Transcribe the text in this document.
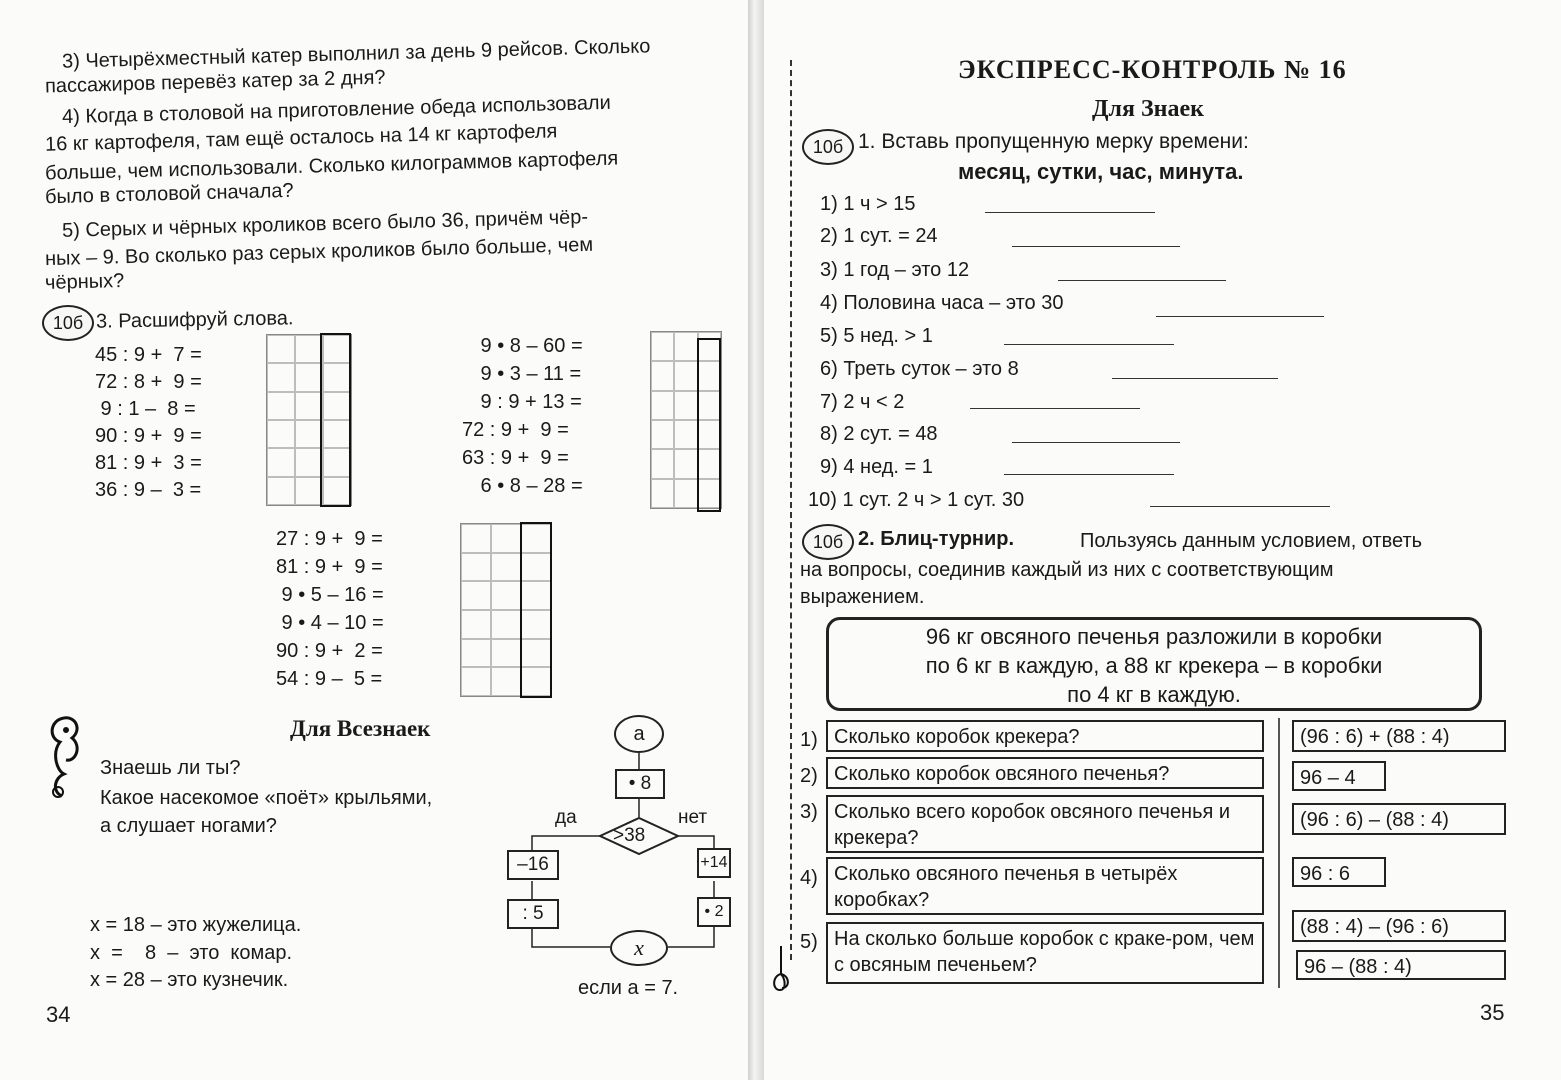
3) Четырёхместный катер выполнил за день 9 рейсов. Сколько
пассажиров перевёз катер за 2 дня?
4) Когда в столовой на приготовление обеда использовали
16 кг картофеля, там ещё осталось на 14 кг картофеля
больше, чем использовали. Сколько килограммов картофеля
было в столовой сначала?
5) Серых и чёрных кроликов всего было 36, причём чёр-
ных – 9. Во сколько раз серых кроликов было больше, чем
чёрных?
10б 3. Расшифруй слова.
45 : 9 +  7 =
72 : 8 +  9 =
9 : 1 –  8 =
90 : 9 +  9 =
81 : 9 +  3 =
36 : 9 –  3 =
9 • 8 – 60 =
9 • 3 – 11 =
9 : 9 + 13 =
72 : 9 +  9 =
63 : 9 +  9 =
6 • 8 – 28 =
27 : 9 +  9 =
81 : 9 +  9 =
9 • 5 – 16 =
9 • 4 – 10 =
90 : 9 +  2 =
54 : 9 –  5 =
Для Всезнаек
Знаешь ли ты?
Какое насекомое «поёт» крыльями,
а слушает ногами?
x = 18 – это жужелица.
x  =    8  –  это  комар.
x = 28 – это кузнечик.
a
• 8
>38
да	нет
–16	+14
: 5	• 2
x
если a = 7.
34
ЭКСПРЕСС-КОНТРОЛЬ № 16
Для Знаек
10б 1. Вставь пропущенную мерку времени:
месяц, сутки, час, минута.
1) 1 ч > 15
2) 1 сут. = 24
3) 1 год – это 12
4) Половина часа – это 30
5) 5 нед. > 1
6) Треть суток – это 8
7) 2 ч < 2
8) 2 сут. = 48
9) 4 нед. = 1
10) 1 сут. 2 ч > 1 сут. 30
10б 2. Блиц-турнир.	Пользуясь данным условием, ответь
на вопросы, соединив каждый из них с соответствующим
выражением.
96 кг овсяного печенья разложили в коробки
по 6 кг в каждую, а 88 кг крекера – в коробки
по 4 кг в каждую.
1) Сколько коробок крекера?
2) Сколько коробок овсяного печенья?
3) Сколько всего коробок овсяного печенья и крекера?
4) Сколько овсяного печенья в четырёх коробках?
5) На сколько больше коробок с краке-ром, чем с овсяным печеньем?
(96 : 6) + (88 : 4)
96 – 4
(96 : 6) – (88 : 4)
96 : 6
(88 : 4) – (96 : 6)
96 – (88 : 4)
35
